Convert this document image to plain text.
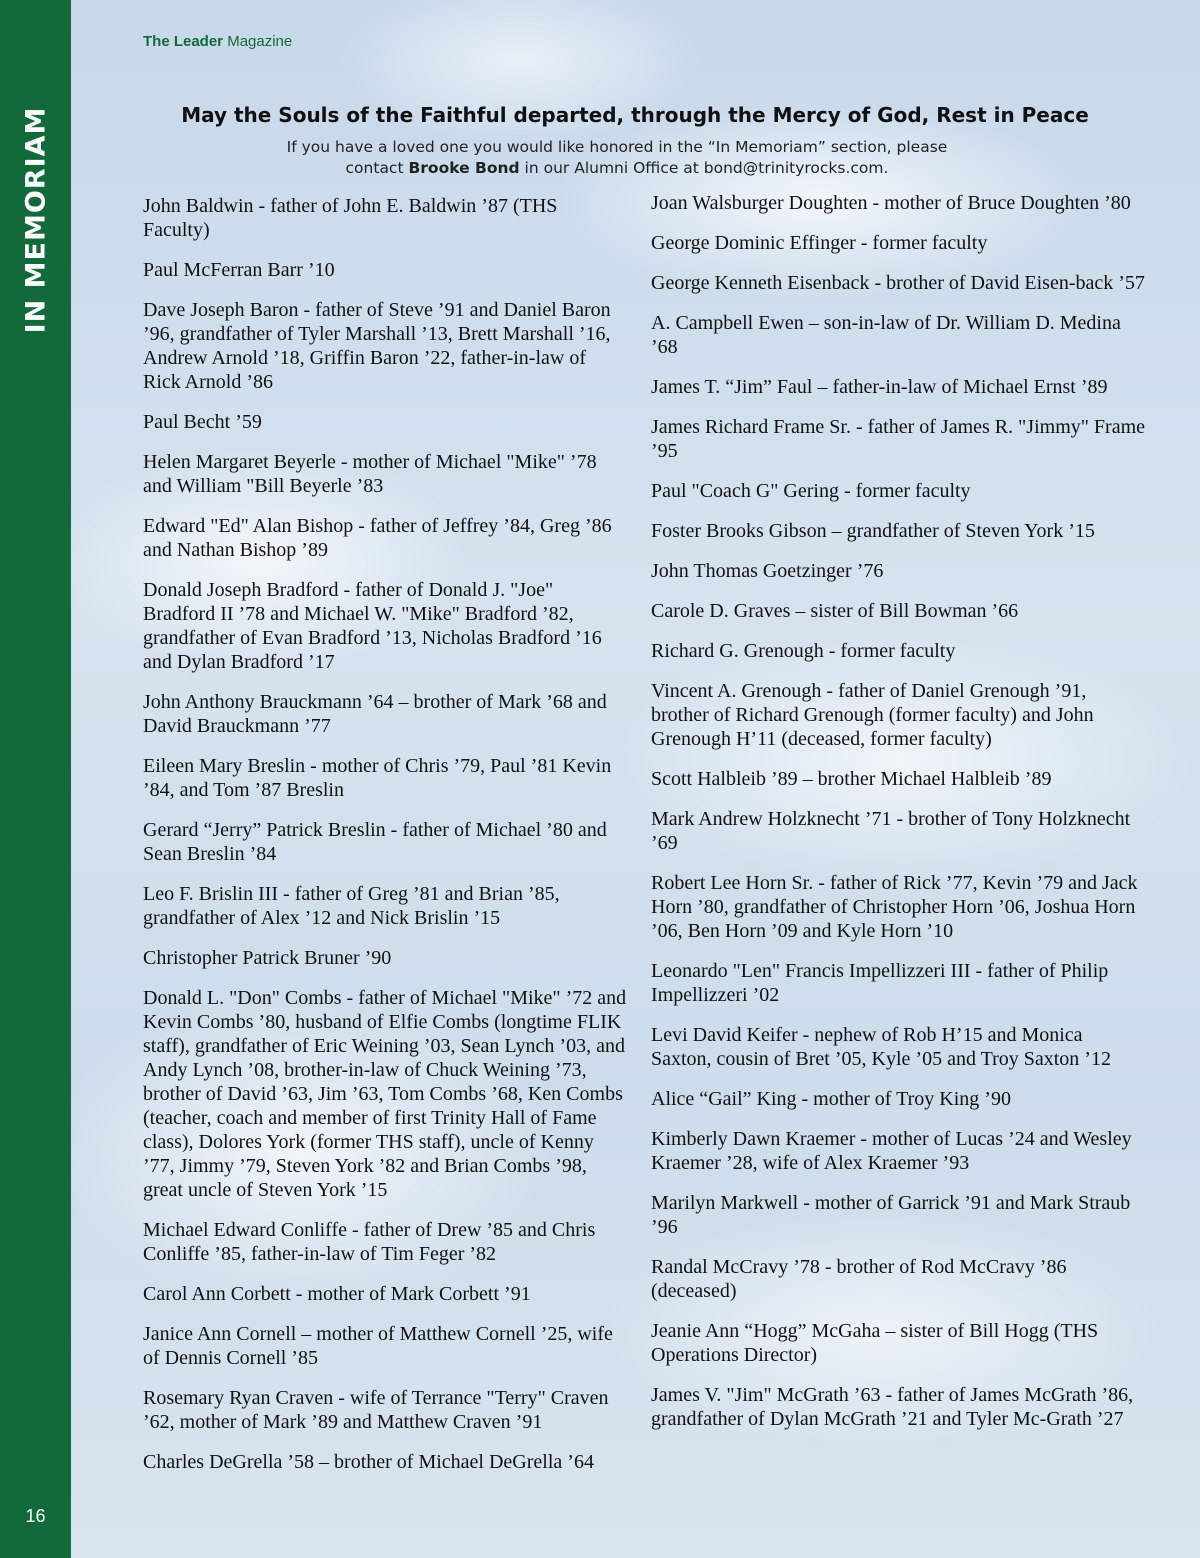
IN MEMORIAM
16
The Leader Magazine
May the Souls of the Faithful departed, through the Mercy of God, Rest in Peace

If you have a loved one you would like honored in the “In Memoriam” section, please
contact Brooke Bond in our Alumni Office at bond@trinityrocks.com.

John Baldwin - father of John E. Baldwin ’87 (THS Faculty)

Paul McFerran Barr ’10

Dave Joseph Baron - father of Steve ’91 and Daniel Baron ’96, grandfather of Tyler Marshall ’13, Brett Marshall ’16, Andrew Arnold ’18, Griffin Baron ’22, father-in-law of Rick Arnold ’86

Paul Becht ’59

Helen Margaret Beyerle - mother of Michael "Mike" ’78 and William "Bill Beyerle ’83

Edward "Ed" Alan Bishop - father of Jeffrey ’84, Greg ’86 and Nathan Bishop ’89

Donald Joseph Bradford - father of Donald J. "Joe" Bradford II ’78 and Michael W. "Mike" Bradford ’82, grandfather of Evan Bradford ’13, Nicholas Bradford ’16 and Dylan Bradford ’17

John Anthony Brauckmann ’64 – brother of Mark ’68 and David Brauckmann ’77

Eileen Mary Breslin - mother of Chris ’79, Paul ’81 Kevin ’84, and Tom ’87 Breslin

Gerard “Jerry” Patrick Breslin - father of Michael ’80 and Sean Breslin ’84

Leo F. Brislin III - father of Greg ’81 and Brian ’85, grandfather of Alex ’12 and Nick Brislin ’15

Christopher Patrick Bruner ’90

Donald L. "Don" Combs - father of Michael "Mike" ’72 and Kevin Combs ’80, husband of Elfie Combs (longtime FLIK staff), grandfather of Eric Weining ’03, Sean Lynch ’03, and Andy Lynch ’08, brother-in-law of Chuck Weining ’73, brother of David ’63, Jim ’63, Tom Combs ’68, Ken Combs (teacher, coach and member of first Trinity Hall of Fame class), Dolores York (former THS staff), uncle of Kenny ’77, Jimmy ’79, Steven York ’82 and Brian Combs ’98, great uncle of Steven York ’15

Michael Edward Conliffe - father of Drew ’85 and Chris Conliffe ’85, father-in-law of Tim Feger ’82

Carol Ann Corbett - mother of Mark Corbett ’91

Janice Ann Cornell – mother of Matthew Cornell ’25, wife of Dennis Cornell ’85

Rosemary Ryan Craven - wife of Terrance "Terry" Craven ’62, mother of Mark ’89 and Matthew Craven ’91

Charles DeGrella ’58 – brother of Michael DeGrella ’64

Joan Walsburger Doughten - mother of Bruce Doughten ’80

George Dominic Effinger - former faculty

George Kenneth Eisenback - brother of David Eisen-back ’57

A. Campbell Ewen – son-in-law of Dr. William D. Medina ’68

James T. “Jim” Faul – father-in-law of Michael Ernst ’89

James Richard Frame Sr. - father of James R. "Jimmy" Frame ’95

Paul "Coach G" Gering - former faculty

Foster Brooks Gibson – grandfather of Steven York ’15

John Thomas Goetzinger ’76

Carole D. Graves – sister of Bill Bowman ’66

Richard G. Grenough - former faculty

Vincent A. Grenough - father of Daniel Grenough ’91, brother of Richard Grenough (former faculty) and John Grenough H’11 (deceased, former faculty)

Scott Halbleib ’89 – brother Michael Halbleib ’89

Mark Andrew Holzknecht ’71 - brother of Tony Holzknecht ’69

Robert Lee Horn Sr. - father of Rick ’77, Kevin ’79 and Jack Horn ’80, grandfather of Christopher Horn ’06, Joshua Horn ’06, Ben Horn ’09 and Kyle Horn ’10

Leonardo "Len" Francis Impellizzeri III - father of Philip Impellizzeri ’02

Levi David Keifer - nephew of Rob H’15 and Monica Saxton, cousin of Bret ’05, Kyle ’05 and Troy Saxton ’12

Alice “Gail” King - mother of Troy King ’90

Kimberly Dawn Kraemer - mother of Lucas ’24 and Wesley Kraemer ’28, wife of Alex Kraemer ’93

Marilyn Markwell - mother of Garrick ’91 and Mark Straub ’96

Randal McCravy ’78 - brother of Rod McCravy ’86 (deceased)

Jeanie Ann “Hogg” McGaha – sister of Bill Hogg (THS Operations Director)

James V. "Jim" McGrath ’63 - father of James McGrath ’86, grandfather of Dylan McGrath ’21 and Tyler Mc-Grath ’27
